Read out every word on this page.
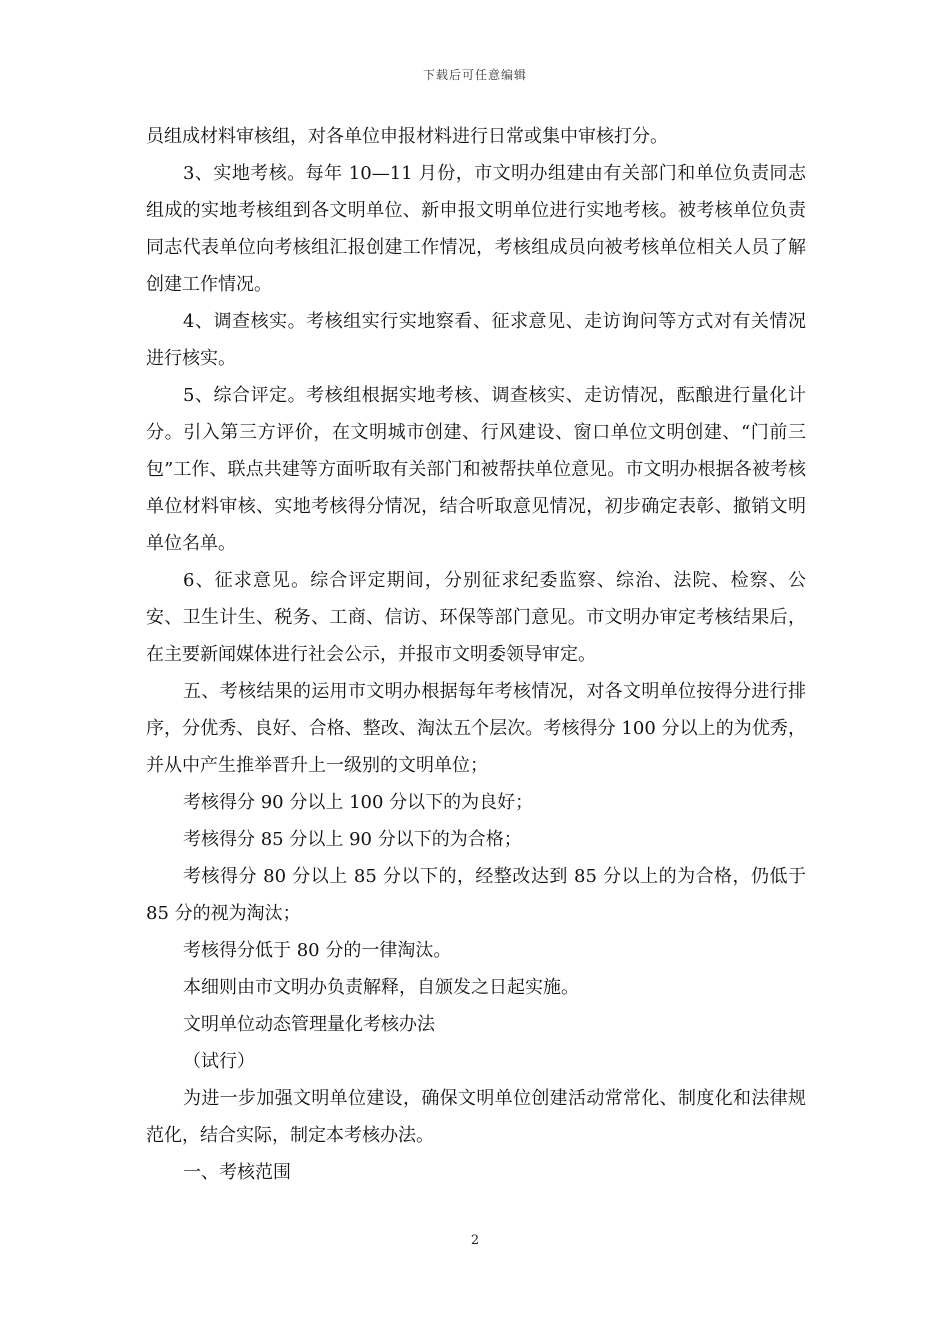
下载后可任意编辑

员组成材料审核组，对各单位申报材料进行日常或集中审核打分。

3、实地考核。每年 10—11 月份，市文明办组建由有关部门和单位负责同志组成的实地考核组到各文明单位、新申报文明单位进行实地考核。被考核单位负责同志代表单位向考核组汇报创建工作情况，考核组成员向被考核单位相关人员了解创建工作情况。

4、调查核实。考核组实行实地察看、征求意见、走访询问等方式对有关情况进行核实。

5、综合评定。考核组根据实地考核、调查核实、走访情况，酝酿进行量化计分。引入第三方评价，在文明城市创建、行风建设、窗口单位文明创建、“门前三包”工作、联点共建等方面听取有关部门和被帮扶单位意见。市文明办根据各被考核单位材料审核、实地考核得分情况，结合听取意见情况，初步确定表彰、撤销文明单位名单。

6、征求意见。综合评定期间，分别征求纪委监察、综治、法院、检察、公安、卫生计生、税务、工商、信访、环保等部门意见。市文明办审定考核结果后，在主要新闻媒体进行社会公示，并报市文明委领导审定。

五、考核结果的运用市文明办根据每年考核情况，对各文明单位按得分进行排序，分优秀、良好、合格、整改、淘汰五个层次。考核得分 100 分以上的为优秀，并从中产生推举晋升上一级别的文明单位；

考核得分 90 分以上 100 分以下的为良好；

考核得分 85 分以上 90 分以下的为合格；

考核得分 80 分以上 85 分以下的，经整改达到 85 分以上的为合格，仍低于 85 分的视为淘汰；

考核得分低于 80 分的一律淘汰。

本细则由市文明办负责解释，自颁发之日起实施。

文明单位动态管理量化考核办法

（试行）

为进一步加强文明单位建设，确保文明单位创建活动常常化、制度化和法律规范化，结合实际，制定本考核办法。

一、考核范围

2
